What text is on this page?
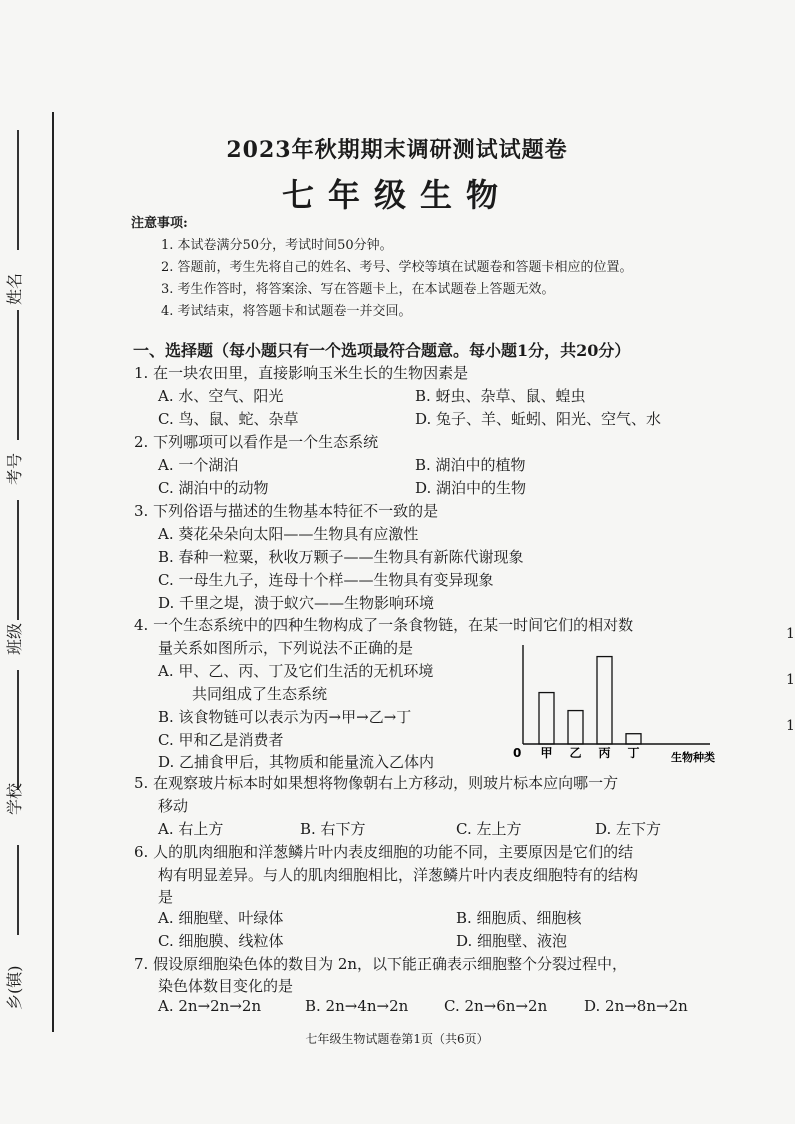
姓名
考号
班级
学校
乡(镇)
1
1
1
2023年秋期期末调研测试试题卷
七年级生物
注意事项:
1. 本试卷满分50分，考试时间50分钟。
2. 答题前，考生先将自己的姓名、考号、学校等填在试题卷和答题卡相应的位置。
3. 考生作答时，将答案涂、写在答题卡上，在本试题卷上答题无效。
4. 考试结束，将答题卡和试题卷一并交回。
一、选择题（每小题只有一个选项最符合题意。每小题1分，共20分）
1. 在一块农田里，直接影响玉米生长的生物因素是
A. 水、空气、阳光	B. 蚜虫、杂草、鼠、蝗虫
C. 鸟、鼠、蛇、杂草	D. 兔子、羊、蚯蚓、阳光、空气、水
2. 下列哪项可以看作是一个生态系统
A. 一个湖泊	B. 湖泊中的植物
C. 湖泊中的动物	D. 湖泊中的生物
3. 下列俗语与描述的生物基本特征不一致的是
A. 葵花朵朵向太阳——生物具有应激性
B. 春种一粒粟，秋收万颗子——生物具有新陈代谢现象
C. 一母生九子，连母十个样——生物具有变异现象
D. 千里之堤，溃于蚁穴——生物影响环境
4. 一个生态系统中的四种生物构成了一条食物链，在某一时间它们的相对数
量关系如图所示，下列说法不正确的是
A. 甲、乙、丙、丁及它们生活的无机环境
共同组成了生态系统
B. 该食物链可以表示为丙→甲→乙→丁
C. 甲和乙是消费者
D. 乙捕食甲后，其物质和能量流入乙体内	0	生物种类
甲 乙 丙 丁
5. 在观察玻片标本时如果想将物像朝右上方移动，则玻片标本应向哪一方
移动
A. 右上方	B. 右下方	C. 左上方	D. 左下方
6. 人的肌肉细胞和洋葱鳞片叶内表皮细胞的功能不同，主要原因是它们的结
构有明显差异。与人的肌肉细胞相比，洋葱鳞片叶内表皮细胞特有的结构
是
A. 细胞壁、叶绿体	B. 细胞质、细胞核
C. 细胞膜、线粒体	D. 细胞壁、液泡
7. 假设原细胞染色体的数目为 2n，以下能正确表示细胞整个分裂过程中，
染色体数目变化的是
A. 2n→2n→2n	B. 2n→4n→2n C. 2n→6n→2n D. 2n→8n→2n
七年级生物试题卷第1页（共6页）
